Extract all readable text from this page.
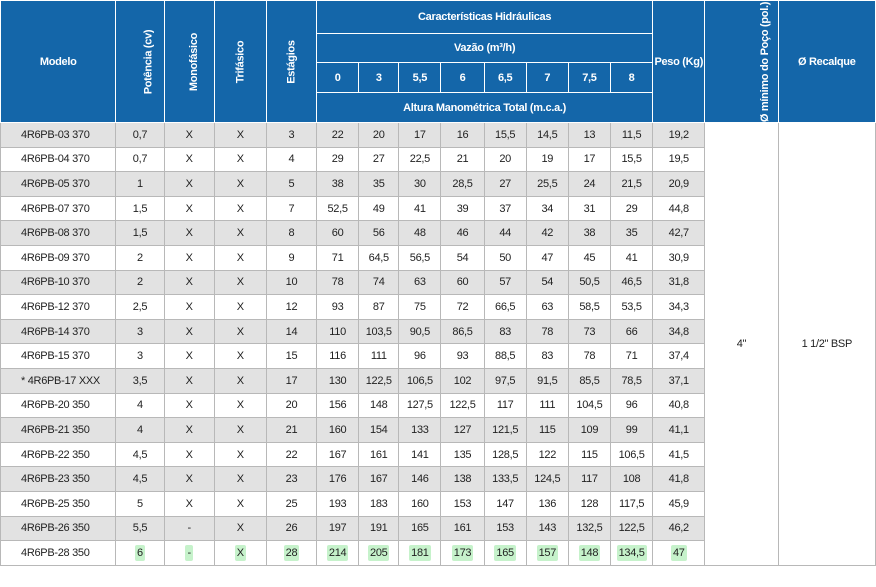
Modelo	Potência (cv)	Monofásico	Trifásico	Estágios	Características Hidráulicas								Peso (Kg)	Ø mínimo do Poço (pol.)	Ø Recalque
					Vazão (m³/h)										
					0	3	5,5	6	6,5	7	7,5	8			
					Altura Manométrica Total (m.c.a.)										
4R6PB-03 370	0,7	X	X	3	22	20	17	16	15,5	14,5	13	11,5	19,2	4"	1 1/2" BSP
4R6PB-04 370	0,7	X	X	4	29	27	22,5	21	20	19	17	15,5	19,5		
4R6PB-05 370	1	X	X	5	38	35	30	28,5	27	25,5	24	21,5	20,9		
4R6PB-07 370	1,5	X	X	7	52,5	49	41	39	37	34	31	29	44,8		
4R6PB-08 370	1,5	X	X	8	60	56	48	46	44	42	38	35	42,7		
4R6PB-09 370	2	X	X	9	71	64,5	56,5	54	50	47	45	41	30,9		
4R6PB-10 370	2	X	X	10	78	74	63	60	57	54	50,5	46,5	31,8		
4R6PB-12 370	2,5	X	X	12	93	87	75	72	66,5	63	58,5	53,5	34,3		
4R6PB-14 370	3	X	X	14	110	103,5	90,5	86,5	83	78	73	66	34,8		
4R6PB-15 370	3	X	X	15	116	111	96	93	88,5	83	78	71	37,4		
* 4R6PB-17 XXX	3,5	X	X	17	130	122,5	106,5	102	97,5	91,5	85,5	78,5	37,1		
4R6PB-20 350	4	X	X	20	156	148	127,5	122,5	117	111	104,5	96	40,8		
4R6PB-21 350	4	X	X	21	160	154	133	127	121,5	115	109	99	41,1		
4R6PB-22 350	4,5	X	X	22	167	161	141	135	128,5	122	115	106,5	41,5		
4R6PB-23 350	4,5	X	X	23	176	167	146	138	133,5	124,5	117	108	41,8		
4R6PB-25 350	5	X	X	25	193	183	160	153	147	136	128	117,5	45,9		
4R6PB-26 350	5,5	-	X	26	197	191	165	161	153	143	132,5	122,5	46,2		
4R6PB-28 350	6	-	X	28	214	205	181	173	165	157	148	134,5	47		
